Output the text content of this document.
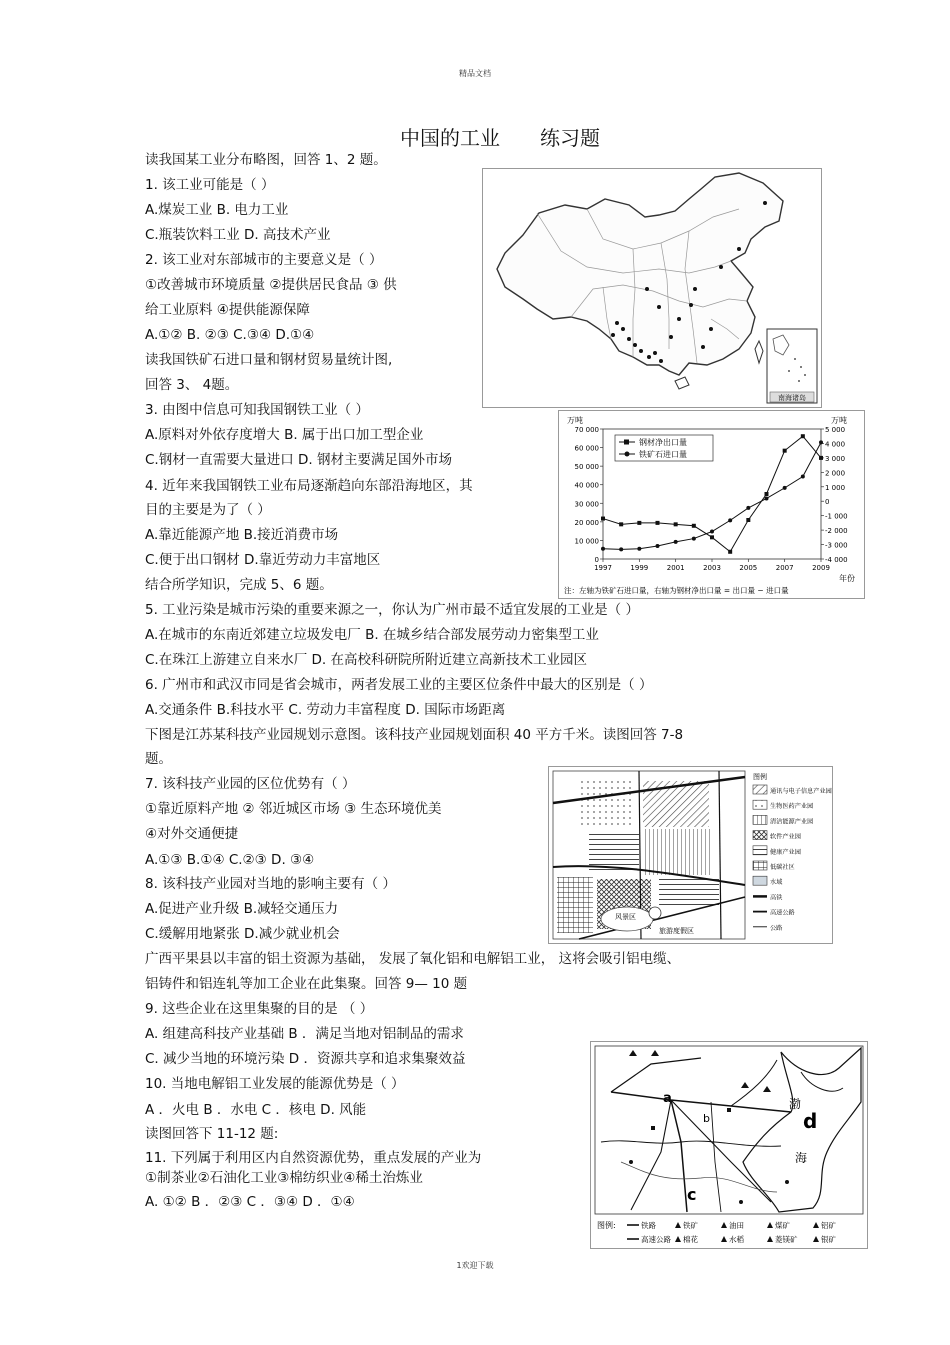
精品文档
中国的工业 练习题
读我国某工业分布略图，回答 1、2 题。
1. 该工业可能是（ ）
A.煤炭工业 B. 电力工业
C.瓶装饮料工业 D. 高技术产业
2. 该工业对东部城市的主要意义是（ ）
①改善城市环境质量 ②提供居民食品 ③ 供
给工业原料 ④提供能源保障
A.①② B. ②③ C.③④ D.①④
读我国铁矿石进口量和钢材贸易量统计图,
回答 3、 4题。
3. 由图中信息可知我国钢铁工业（ ）
A.原料对外依存度增大 B. 属于出口加工型企业
C.钢材一直需要大量进口 D. 钢材主要满足国外市场
4. 近年来我国钢铁工业布局逐渐趋向东部沿海地区，其
目的主要是为了（ ）
A.靠近能源产地 B.接近消费市场
C.便于出口钢材 D.靠近劳动力丰富地区
结合所学知识，完成 5、6 题。
5. 工业污染是城市污染的重要来源之一，你认为广州市最不适宜发展的工业是（ ）
A.在城市的东南近郊建立垃圾发电厂 B. 在城乡结合部发展劳动力密集型工业
C.在珠江上游建立自来水厂 D. 在高校科研院所附近建立高新技术工业园区
6. 广州市和武汉市同是省会城市，两者发展工业的主要区位条件中最大的区别是（ ）
A.交通条件 B.科技水平 C. 劳动力丰富程度 D. 国际市场距离
下图是江苏某科技产业园规划示意图。该科技产业园规划面积 40 平方千米。读图回答 7-8
题。
7. 该科技产业园的区位优势有（ ）
①靠近原料产地 ② 邻近城区市场 ③ 生态环境优美
④对外交通便捷
A.①③ B.①④ C.②③ D. ③④
8. 该科技产业园对当地的影响主要有（ ）
A.促进产业升级 B.减轻交通压力
C.缓解用地紧张 D.减少就业机会
广西平果县以丰富的铝土资源为基础， 发展了氧化铝和电解铝工业， 这将会吸引铝电缆、
铝铸件和铝连轧等加工企业在此集聚。回答 9— 10 题
9. 这些企业在这里集聚的目的是 （ ）
A. 组建高科技产业基础 B ．满足当地对铝制品的需求
C. 减少当地的环境污染 D ．资源共享和追求集聚效益
10. 当地电解铝工业发展的能源优势是（ ）
A ．火电 B ．水电 C ．核电 D. 风能
读图回答下 11-12 题:
11. 下列属于利用区内自然资源优势，重点发展的产业为
①制茶业②石油化工业③棉纺织业④稀土治炼业
A. ①② B ．②③ C ．③④ D ．①④
南海诸岛
万吨	万吨
0
10 000
20 000
30 000
40 000
50 000
60 000
70 000
-4 000
-3 000
-2 000
-1 000
0
1 000
2 000
3 000
4 000
5 000
1997	1999	2001	2003	2005	2007	2009
钢材净出口量
铁矿石进口量
年份
注：左轴为铁矿石进口量，右轴为钢材净出口量 = 出口量 − 进口量
风景区
旅游度假区
图例
通讯与电子信息产业园
生物医药产业园
清洁能源产业园
软件产业园
健康产业园
低碳社区
水域
高铁
高速公路
公路
渤
海
a
b
c
d
图例:	铁路	铁矿	油田	煤矿	铝矿
高速公路 棉花	水稻	菱镁矿	银矿
1欢迎下载
